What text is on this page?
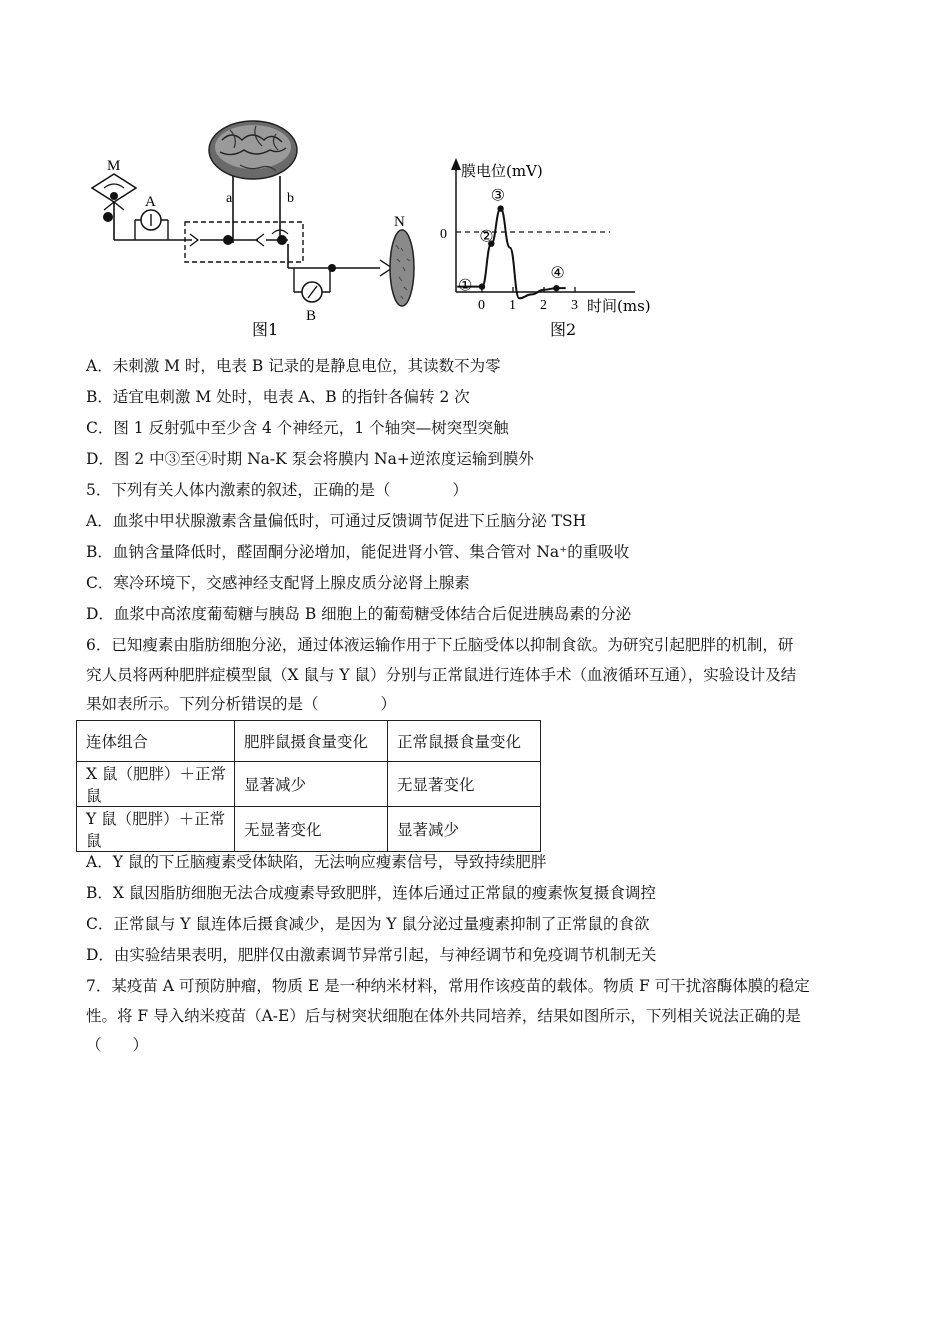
a	b
M
A
B
N
图1
膜电位(mV)
时间(ms)
0
0 1 2 3
①
②
③
④
图2
A．未刺激 M 时，电表 B 记录的是静息电位，其读数不为零
B．适宜电刺激 M 处时，电表 A、B 的指针各偏转 2 次
C．图 1 反射弧中至少含 4 个神经元，1 个轴突—树突型突触
D．图 2 中③至④时期 Na-K 泵会将膜内 Na+逆浓度运输到膜外
5．下列有关人体内激素的叙述，正确的是（　　　　）
A．血浆中甲状腺激素含量偏低时，可通过反馈调节促进下丘脑分泌 TSH
B．血钠含量降低时，醛固酮分泌增加，能促进肾小管、集合管对 Na⁺的重吸收
C．寒冷环境下，交感神经支配肾上腺皮质分泌肾上腺素
D．血浆中高浓度葡萄糖与胰岛 B 细胞上的葡萄糖受体结合后促进胰岛素的分泌
6．已知瘦素由脂肪细胞分泌，通过体液运输作用于下丘脑受体以抑制食欲。为研究引起肥胖的机制，研
究人员将两种肥胖症模型鼠（X 鼠与 Y 鼠）分别与正常鼠进行连体手术（血液循环互通），实验设计及结
果如表所示。下列分析错误的是（　　　　）
连体组合	肥胖鼠摄食量变化	正常鼠摄食量变化
X 鼠（肥胖）＋正常鼠	显著减少	无显著变化
Y 鼠（肥胖）＋正常鼠	无显著变化	显著减少
A．Y 鼠的下丘脑瘦素受体缺陷，无法响应瘦素信号，导致持续肥胖
B．X 鼠因脂肪细胞无法合成瘦素导致肥胖，连体后通过正常鼠的瘦素恢复摄食调控
C．正常鼠与 Y 鼠连体后摄食减少，是因为 Y 鼠分泌过量瘦素抑制了正常鼠的食欲
D．由实验结果表明，肥胖仅由激素调节异常引起，与神经调节和免疫调节机制无关
7．某疫苗 A 可预防肿瘤，物质 E 是一种纳米材料，常用作该疫苗的载体。物质 F 可干扰溶酶体膜的稳定
性。将 F 导入纳米疫苗（A-E）后与树突状细胞在体外共同培养，结果如图所示，下列相关说法正确的是
（　　）
